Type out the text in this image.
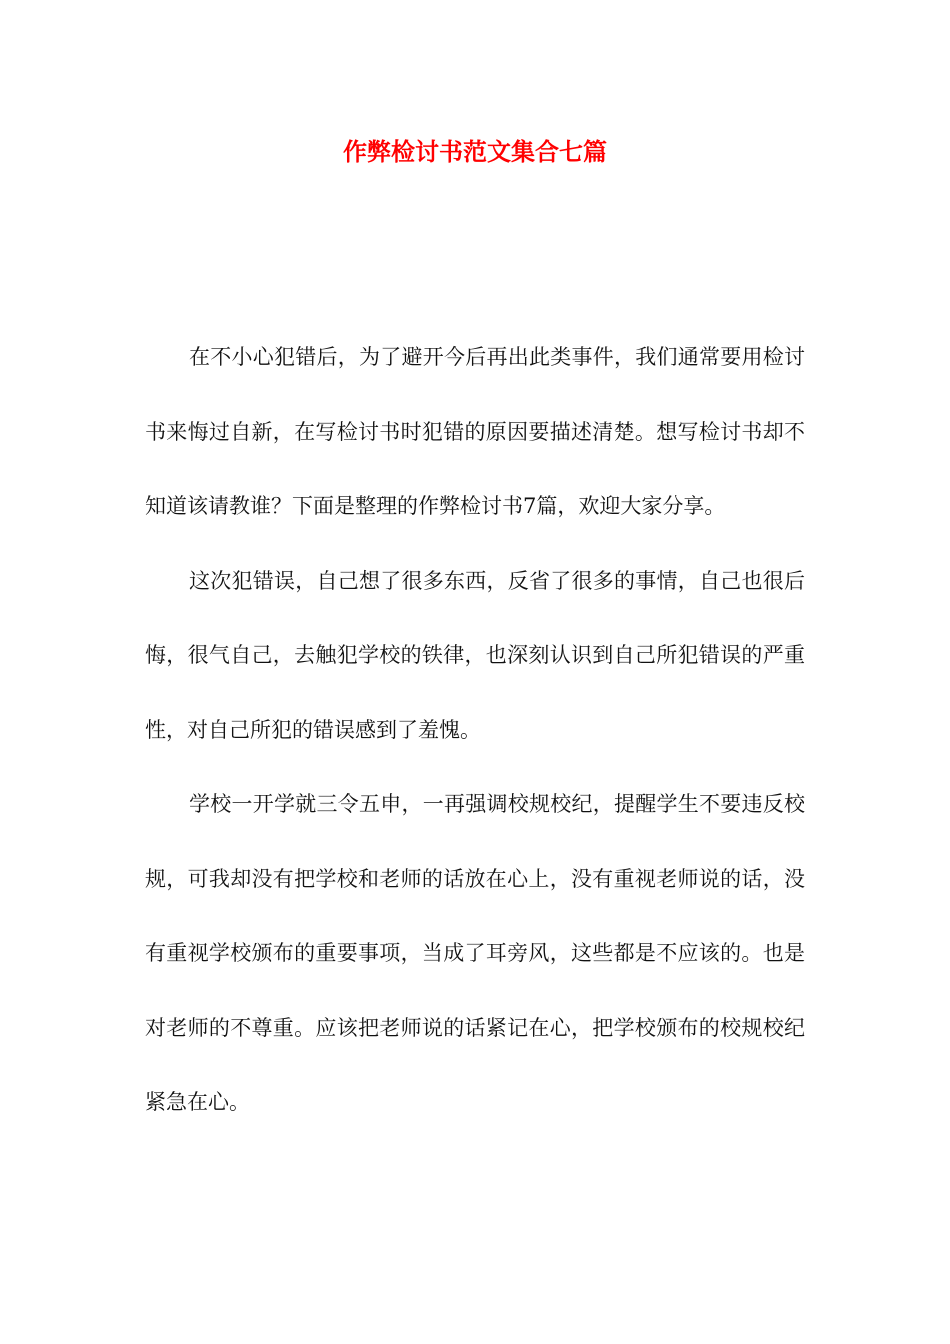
作弊检讨书范文集合七篇

在不小心犯错后，为了避开今后再出此类事件，我们通常要用检讨书来悔过自新，在写检讨书时犯错的原因要描述清楚。想写检讨书却不知道该请教谁？下面是整理的作弊检讨书7篇，欢迎大家分享。

这次犯错误，自己想了很多东西，反省了很多的事情，自己也很后悔，很气自己，去触犯学校的铁律，也深刻认识到自己所犯错误的严重性，对自己所犯的错误感到了羞愧。

学校一开学就三令五申，一再强调校规校纪，提醒学生不要违反校规，可我却没有把学校和老师的话放在心上，没有重视老师说的话，没有重视学校颁布的重要事项，当成了耳旁风，这些都是不应该的。也是对老师的不尊重。应该把老师说的话紧记在心，把学校颁布的校规校纪紧急在心。
